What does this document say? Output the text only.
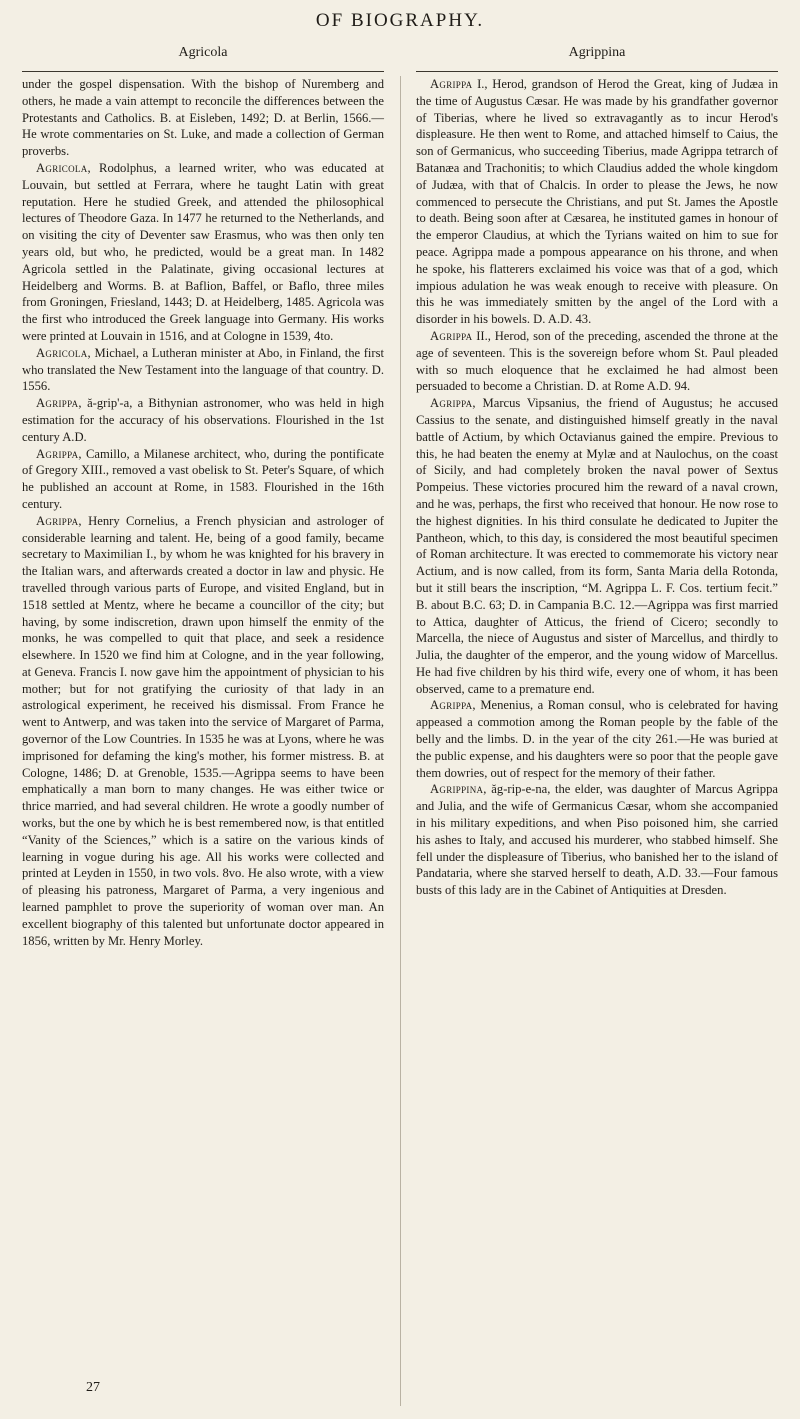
OF BIOGRAPHY.
Agricola	Agrippina

under the gospel dispensation. With the bishop of Nuremberg and others, he made a vain attempt to reconcile the differences between the Protestants and Catholics. B. at Eisleben, 1492; D. at Berlin, 1566.—He wrote commentaries on St. Luke, and made a collection of German proverbs.

Agricola, Rodolphus, a learned writer, who was educated at Louvain, but settled at Ferrara, where he taught Latin with great reputation. Here he studied Greek, and attended the philosophical lectures of Theodore Gaza. In 1477 he returned to the Netherlands, and on visiting the city of Deventer saw Erasmus, who was then only ten years old, but who, he predicted, would be a great man. In 1482 Agricola settled in the Palatinate, giving occasional lectures at Heidelberg and Worms. B. at Baflion, Baffel, or Baflo, three miles from Groningen, Friesland, 1443; D. at Heidelberg, 1485. Agricola was the first who introduced the Greek language into Germany. His works were printed at Louvain in 1516, and at Cologne in 1539, 4to.

Agricola, Michael, a Lutheran minister at Abo, in Finland, the first who translated the New Testament into the language of that country. D. 1556.

Agrippa, ă-grip'-a, a Bithynian astronomer, who was held in high estimation for the accuracy of his observations. Flourished in the 1st century A.D.

Agrippa, Camillo, a Milanese architect, who, during the pontificate of Gregory XIII., removed a vast obelisk to St. Peter's Square, of which he published an account at Rome, in 1583. Flourished in the 16th century.

Agrippa, Henry Cornelius, a French physician and astrologer of considerable learning and talent. He, being of a good family, became secretary to Maximilian I., by whom he was knighted for his bravery in the Italian wars, and afterwards created a doctor in law and physic. He travelled through various parts of Europe, and visited England, but in 1518 settled at Mentz, where he became a councillor of the city; but having, by some indiscretion, drawn upon himself the enmity of the monks, he was compelled to quit that place, and seek a residence elsewhere. In 1520 we find him at Cologne, and in the year following, at Geneva. Francis I. now gave him the appointment of physician to his mother; but for not gratifying the curiosity of that lady in an astrological experiment, he received his dismissal. From France he went to Antwerp, and was taken into the service of Margaret of Parma, governor of the Low Countries. In 1535 he was at Lyons, where he was imprisoned for defaming the king's mother, his former mistress. B. at Cologne, 1486; D. at Grenoble, 1535.—Agrippa seems to have been emphatically a man born to many changes. He was either twice or thrice married, and had several children. He wrote a goodly number of works, but the one by which he is best remembered now, is that entitled “Vanity of the Sciences,” which is a satire on the various kinds of learning in vogue during his age. All his works were collected and printed at Leyden in 1550, in two vols. 8vo. He also wrote, with a view of pleasing his patroness, Margaret of Parma, a very ingenious and learned pamphlet to prove the superiority of woman over man. An excellent biography of this talented but unfortunate doctor appeared in 1856, written by Mr. Henry Morley.

Agrippa I., Herod, grandson of Herod the Great, king of Judæa in the time of Augustus Cæsar. He was made by his grandfather governor of Tiberias, where he lived so extravagantly as to incur Herod's displeasure. He then went to Rome, and attached himself to Caius, the son of Germanicus, who succeeding Tiberius, made Agrippa tetrarch of Batanæa and Trachonitis; to which Claudius added the whole kingdom of Judæa, with that of Chalcis. In order to please the Jews, he now commenced to persecute the Christians, and put St. James the Apostle to death. Being soon after at Cæsarea, he instituted games in honour of the emperor Claudius, at which the Tyrians waited on him to sue for peace. Agrippa made a pompous appearance on his throne, and when he spoke, his flatterers exclaimed his voice was that of a god, which impious adulation he was weak enough to receive with pleasure. On this he was immediately smitten by the angel of the Lord with a disorder in his bowels. D. A.D. 43.

Agrippa II., Herod, son of the preceding, ascended the throne at the age of seventeen. This is the sovereign before whom St. Paul pleaded with so much eloquence that he exclaimed he had almost been persuaded to become a Christian. D. at Rome A.D. 94.

Agrippa, Marcus Vipsanius, the friend of Augustus; he accused Cassius to the senate, and distinguished himself greatly in the naval battle of Actium, by which Octavianus gained the empire. Previous to this, he had beaten the enemy at Mylæ and at Naulochus, on the coast of Sicily, and had completely broken the naval power of Sextus Pompeius. These victories procured him the reward of a naval crown, and he was, perhaps, the first who received that honour. He now rose to the highest dignities. In his third consulate he dedicated to Jupiter the Pantheon, which, to this day, is considered the most beautiful specimen of Roman architecture. It was erected to commemorate his victory near Actium, and is now called, from its form, Santa Maria della Rotonda, but it still bears the inscription, “M. Agrippa L. F. Cos. tertium fecit.” B. about B.C. 63; D. in Campania B.C. 12.—Agrippa was first married to Attica, daughter of Atticus, the friend of Cicero; secondly to Marcella, the niece of Augustus and sister of Marcellus, and thirdly to Julia, the daughter of the emperor, and the young widow of Marcellus. He had five children by his third wife, every one of whom, it has been observed, came to a premature end.

Agrippa, Menenius, a Roman consul, who is celebrated for having appeased a commotion among the Roman people by the fable of the belly and the limbs. D. in the year of the city 261.—He was buried at the public expense, and his daughters were so poor that the people gave them dowries, out of respect for the memory of their father.

Agrippina, ăg-rip-e-na, the elder, was daughter of Marcus Agrippa and Julia, and the wife of Germanicus Cæsar, whom she accompanied in his military expeditions, and when Piso poisoned him, she carried his ashes to Italy, and accused his murderer, who stabbed himself. She fell under the displeasure of Tiberius, who banished her to the island of Pandataria, where she starved herself to death, A.D. 33.—Four famous busts of this lady are in the Cabinet of Antiquities at Dresden.

27
